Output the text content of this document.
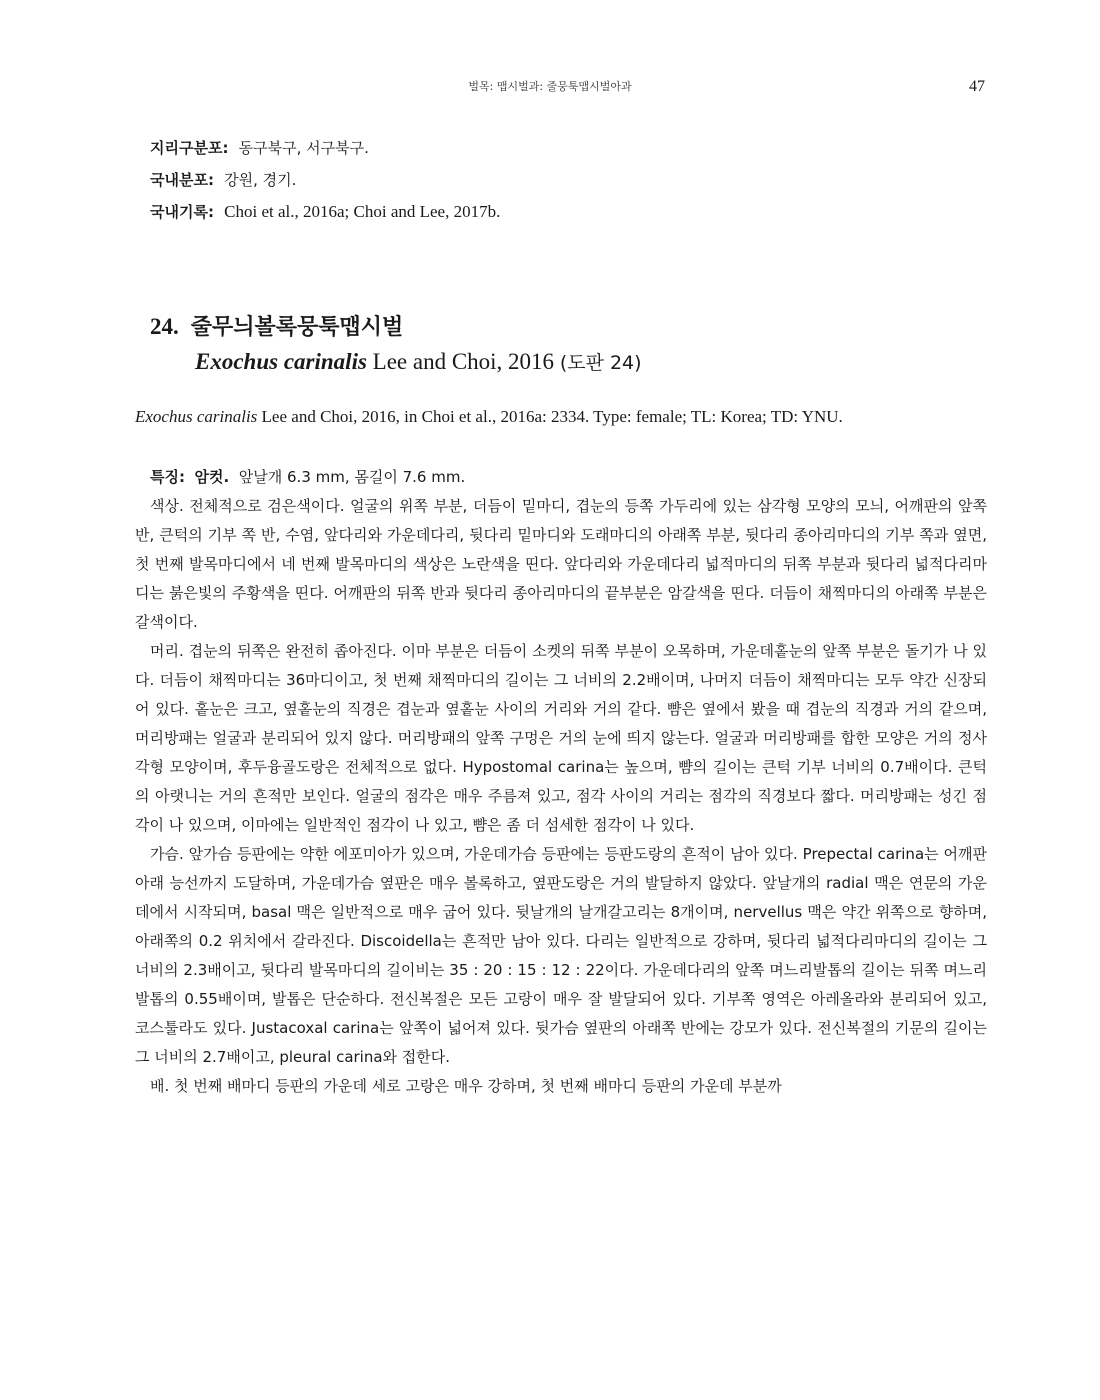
벌목: 맵시벌과: 줄뭉툭맵시벌아과	47
지리구분포: 동구북구, 서구북구.
국내분포: 강원, 경기.
국내기록: Choi et al., 2016a; Choi and Lee, 2017b.
24. 줄무늬볼록뭉툭맵시벌
Exochus carinalis Lee and Choi, 2016 (도판 24)
Exochus carinalis Lee and Choi, 2016, in Choi et al., 2016a: 2334. Type: female; TL: Korea; TD: YNU.

특징: 암컷. 앞날개 6.3 mm, 몸길이 7.6 mm.

색상. 전체적으로 검은색이다. 얼굴의 위쪽 부분, 더듬이 밑마디, 겹눈의 등쪽 가두리에 있는 삼각형 모양의 모늬, 어깨판의 앞쪽 반, 큰턱의 기부 쪽 반, 수염, 앞다리와 가운데다리, 뒷다리 밑마디와 도래마디의 아래쪽 부분, 뒷다리 종아리마디의 기부 쪽과 옆면, 첫 번째 발목마디에서 네 번째 발목마디의 색상은 노란색을 띤다. 앞다리와 가운데다리 넓적마디의 뒤쪽 부분과 뒷다리 넓적다리마디는 붉은빛의 주황색을 띤다. 어깨판의 뒤쪽 반과 뒷다리 종아리마디의 끝부분은 암갈색을 띤다. 더듬이 채찍마디의 아래쪽 부분은 갈색이다.

머리. 겹눈의 뒤쪽은 완전히 좁아진다. 이마 부분은 더듬이 소켓의 뒤쪽 부분이 오목하며, 가운데홑눈의 앞쪽 부분은 돌기가 나 있다. 더듬이 채찍마디는 36마디이고, 첫 번째 채찍마디의 길이는 그 너비의 2.2배이며, 나머지 더듬이 채찍마디는 모두 약간 신장되어 있다. 홑눈은 크고, 옆홑눈의 직경은 겹눈과 옆홑눈 사이의 거리와 거의 같다. 뺨은 옆에서 봤을 때 겹눈의 직경과 거의 같으며, 머리방패는 얼굴과 분리되어 있지 않다. 머리방패의 앞쪽 구멍은 거의 눈에 띄지 않는다. 얼굴과 머리방패를 합한 모양은 거의 정사각형 모양이며, 후두융골도랑은 전체적으로 없다. Hypostomal carina는 높으며, 뺨의 길이는 큰턱 기부 너비의 0.7배이다. 큰턱의 아랫니는 거의 흔적만 보인다. 얼굴의 점각은 매우 주름져 있고, 점각 사이의 거리는 점각의 직경보다 짧다. 머리방패는 성긴 점각이 나 있으며, 이마에는 일반적인 점각이 나 있고, 뺨은 좀 더 섬세한 점각이 나 있다.

가슴. 앞가슴 등판에는 약한 에포미아가 있으며, 가운데가슴 등판에는 등판도랑의 흔적이 남아 있다. Prepectal carina는 어깨판 아래 능선까지 도달하며, 가운데가슴 옆판은 매우 볼록하고, 옆판도랑은 거의 발달하지 않았다. 앞날개의 radial 맥은 연문의 가운데에서 시작되며, basal 맥은 일반적으로 매우 굽어 있다. 뒷날개의 날개갈고리는 8개이며, nervellus 맥은 약간 위쪽으로 향하며, 아래쪽의 0.2 위치에서 갈라진다. Discoidella는 흔적만 남아 있다. 다리는 일반적으로 강하며, 뒷다리 넓적다리마디의 길이는 그 너비의 2.3배이고, 뒷다리 발목마디의 길이비는 35 : 20 : 15 : 12 : 22이다. 가운데다리의 앞쪽 며느리발톱의 길이는 뒤쪽 며느리발톱의 0.55배이며, 발톱은 단순하다. 전신복절은 모든 고랑이 매우 잘 발달되어 있다. 기부쪽 영역은 아레올라와 분리되어 있고, 코스툴라도 있다. Justacoxal carina는 앞쪽이 넓어져 있다. 뒷가슴 옆판의 아래쪽 반에는 강모가 있다. 전신복절의 기문의 길이는 그 너비의 2.7배이고, pleural carina와 접한다.

배. 첫 번째 배마디 등판의 가운데 세로 고랑은 매우 강하며, 첫 번째 배마디 등판의 가운데 부분까
